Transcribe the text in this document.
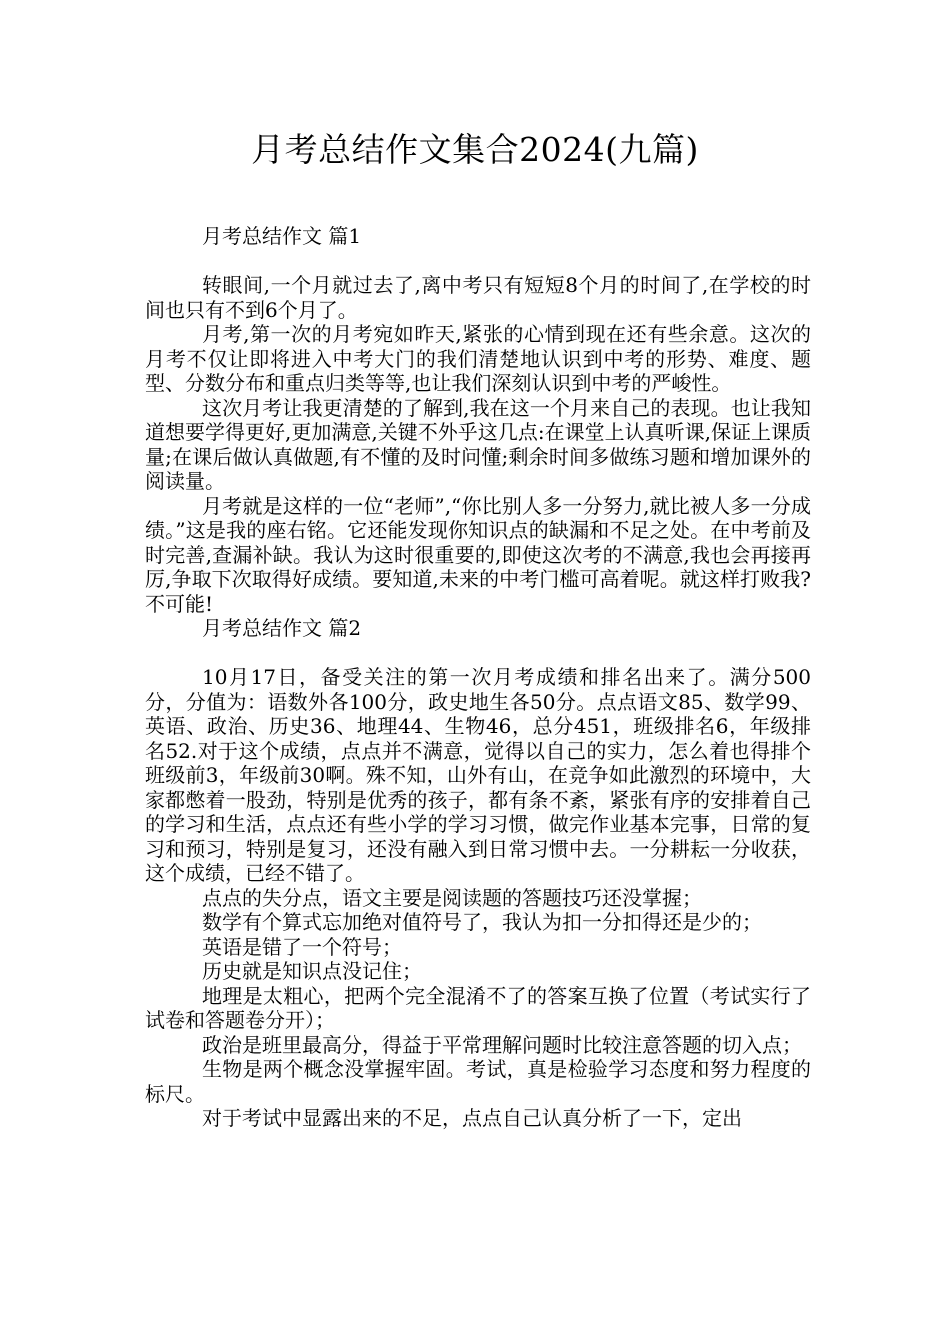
月考总结作文集合2024(九篇)

月考总结作文 篇1

转眼间,一个月就过去了,离中考只有短短8个月的时间了,在学校的时间也只有不到6个月了。

月考,第一次的月考宛如昨天,紧张的心情到现在还有些余意。这次的月考不仅让即将进入中考大门的我们清楚地认识到中考的形势、难度、题型、分数分布和重点归类等等,也让我们深刻认识到中考的严峻性。

这次月考让我更清楚的了解到,我在这一个月来自己的表现。也让我知道想要学得更好,更加满意,关键不外乎这几点:在课堂上认真听课,保证上课质量;在课后做认真做题,有不懂的及时问懂;剩余时间多做练习题和增加课外的阅读量。

月考就是这样的一位“老师”,“你比别人多一分努力,就比被人多一分成绩。”这是我的座右铭。它还能发现你知识点的缺漏和不足之处。在中考前及时完善,查漏补缺。我认为这时很重要的,即使这次考的不满意,我也会再接再厉,争取下次取得好成绩。要知道,未来的中考门槛可高着呢。就这样打败我?不可能!

月考总结作文 篇2

10月17日，备受关注的第一次月考成绩和排名出来了。满分500分，分值为：语数外各100分，政史地生各50分。点点语文85、数学99、英语、政治、历史36、地理44、生物46，总分451，班级排名6，年级排名52.对于这个成绩，点点并不满意，觉得以自己的实力，怎么着也得排个班级前3，年级前30啊。殊不知，山外有山，在竞争如此激烈的环境中，大家都憋着一股劲，特别是优秀的孩子，都有条不紊，紧张有序的安排着自己的学习和生活，点点还有些小学的学习习惯，做完作业基本完事，日常的复习和预习，特别是复习，还没有融入到日常习惯中去。一分耕耘一分收获，这个成绩，已经不错了。

点点的失分点，语文主要是阅读题的答题技巧还没掌握；

数学有个算式忘加绝对值符号了，我认为扣一分扣得还是少的；

英语是错了一个符号；

历史就是知识点没记住；

地理是太粗心，把两个完全混淆不了的答案互换了位置（考试实行了试卷和答题卷分开）；

政治是班里最高分，得益于平常理解问题时比较注意答题的切入点；

生物是两个概念没掌握牢固。考试，真是检验学习态度和努力程度的标尺。

对于考试中显露出来的不足，点点自己认真分析了一下，定出
